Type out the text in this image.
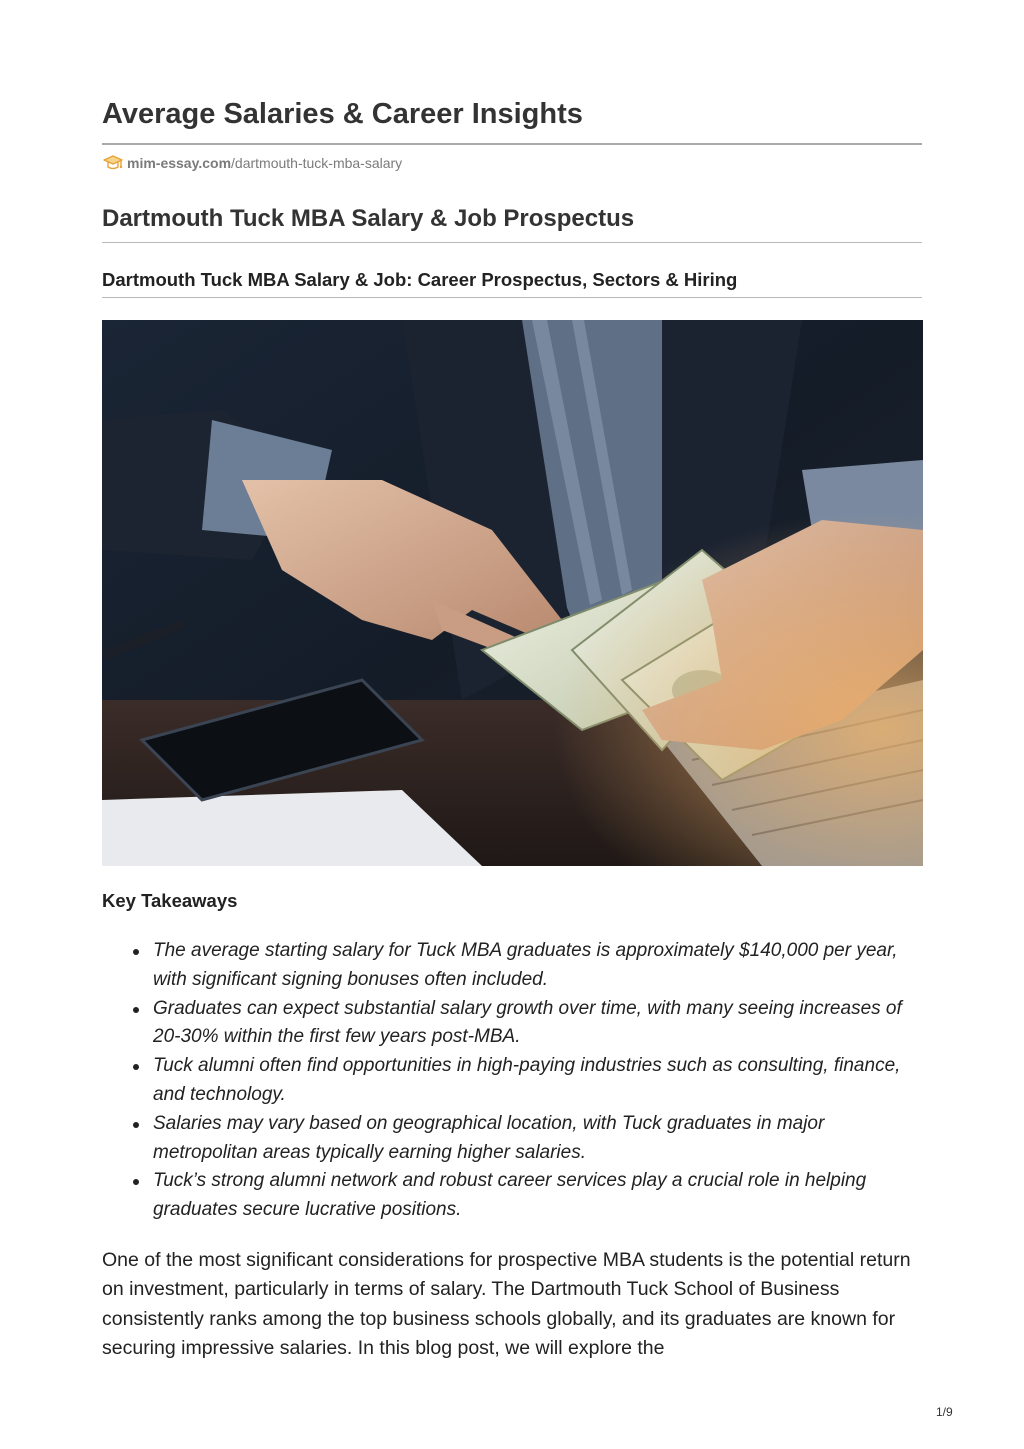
Average Salaries & Career Insights
mim-essay.com /dartmouth-tuck-mba-salary
Dartmouth Tuck MBA Salary & Job Prospectus
Dartmouth Tuck MBA Salary & Job: Career Prospectus, Sectors & Hiring
Key Takeaways
The average starting salary for Tuck MBA graduates is approximately $140,000 per year, with significant signing bonuses often included.
Graduates can expect substantial salary growth over time, with many seeing increases of 20-30% within the first few years post-MBA.
Tuck alumni often find opportunities in high-paying industries such as consulting, finance, and technology.
Salaries may vary based on geographical location, with Tuck graduates in major metropolitan areas typically earning higher salaries.
Tuck’s strong alumni network and robust career services play a crucial role in helping graduates secure lucrative positions.

One of the most significant considerations for prospective MBA students is the potential return on investment, particularly in terms of salary. The Dartmouth Tuck School of Business consistently ranks among the top business schools globally, and its graduates are known for securing impressive salaries. In this blog post, we will explore the

1/9
